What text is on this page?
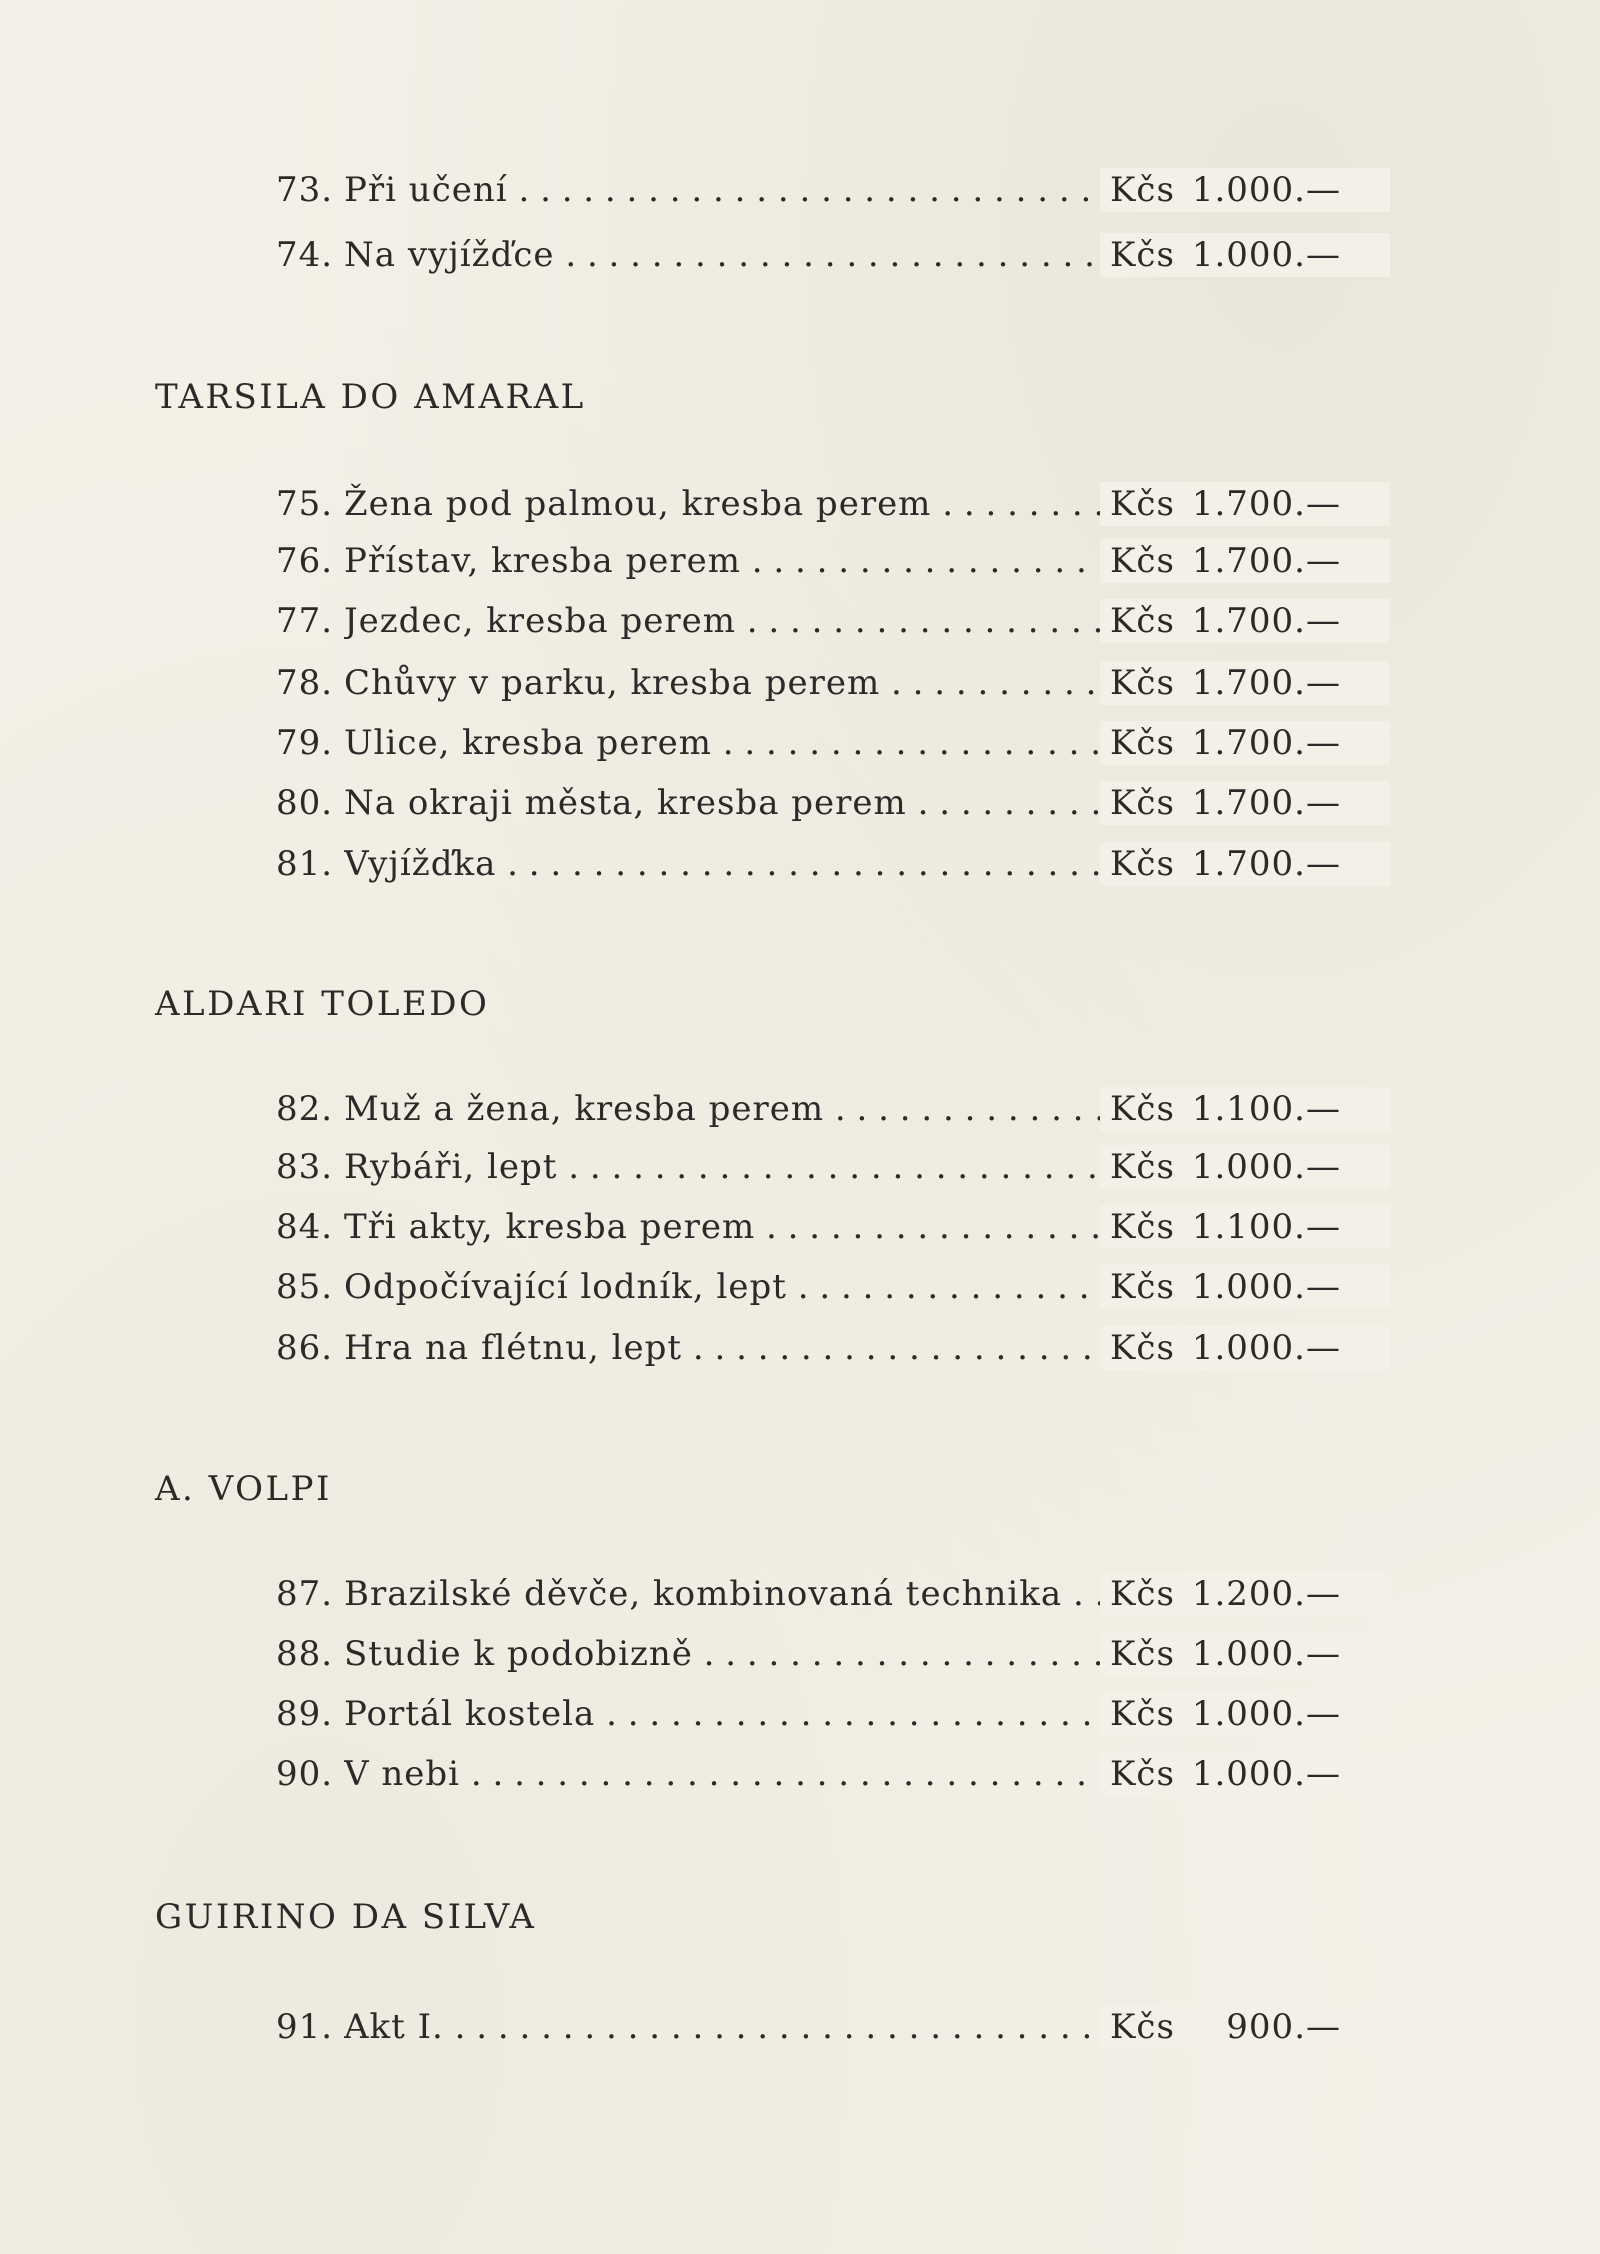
73. Při učení . . .	Kčs 1.000.—
74. Na vyjížďce . . .	Kčs 1.000.—
TARSILA DO AMARAL
75. Žena pod palmou, kresba perem . . .	Kčs 1.700.—
76. Přístav, kresba perem . . .	Kčs 1.700.—
77. Jezdec, kresba perem . . .	Kčs 1.700.—
78. Chůvy v parku, kresba perem . . .	Kčs 1.700.—
79. Ulice, kresba perem . . .	Kčs 1.700.—
80. Na okraji města, kresba perem . . .	Kčs 1.700.—
81. Vyjížďka . . .	Kčs 1.700.—
ALDARI TOLEDO
82. Muž a žena, kresba perem . . .	Kčs 1.100.—
83. Rybáři, lept . . .	Kčs 1.000.—
84. Tři akty, kresba perem . . .	Kčs 1.100.—
85. Odpočívající lodník, lept . . .	Kčs 1.000.—
86. Hra na flétnu, lept . . .	Kčs 1.000.—
A. VOLPI
87. Brazilské děvče, kombinovaná technika . . .	Kčs 1.200.—
88. Studie k podobizně . . .	Kčs 1.000.—
89. Portál kostela . . .	Kčs 1.000.—
90. V nebi . . .	Kčs 1.000.—
GUIRINO DA SILVA
91. Akt I. . . .	Kčs 900.—
